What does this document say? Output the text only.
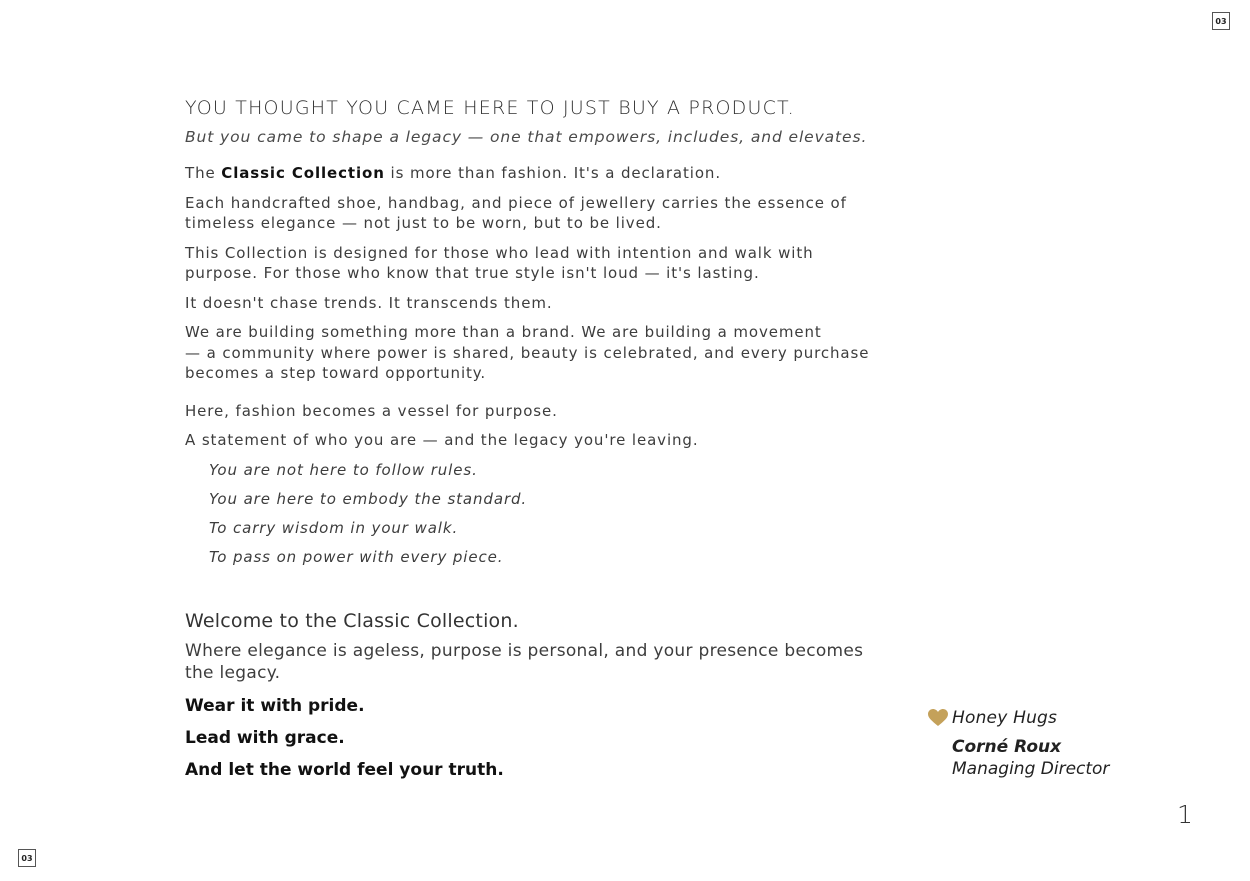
03
YOU THOUGHT YOU CAME HERE TO JUST BUY A PRODUCT.
But you came to shape a legacy — one that empowers, includes, and elevates.

The Classic Collection is more than fashion. It's a declaration.

Each handcrafted shoe, handbag, and piece of jewellery carries the essence of
timeless elegance — not just to be worn, but to be lived.

This Collection is designed for those who lead with intention and walk with
purpose. For those who know that true style isn't loud — it's lasting.

It doesn't chase trends. It transcends them.

We are building something more than a brand. We are building a movement
— a community where power is shared, beauty is celebrated, and every purchase
becomes a step toward opportunity.

Here, fashion becomes a vessel for purpose.

A statement of who you are — and the legacy you're leaving.

You are not here to follow rules.
You are here to embody the standard.
To carry wisdom in your walk.
To pass on power with every piece.
Welcome to the Classic Collection.
Where elegance is ageless, purpose is personal, and your presence becomes
the legacy.
Wear it with pride.
Lead with grace.
And let the world feel your truth.
Honey Hugs
Corné Roux
Managing Director
1
03
